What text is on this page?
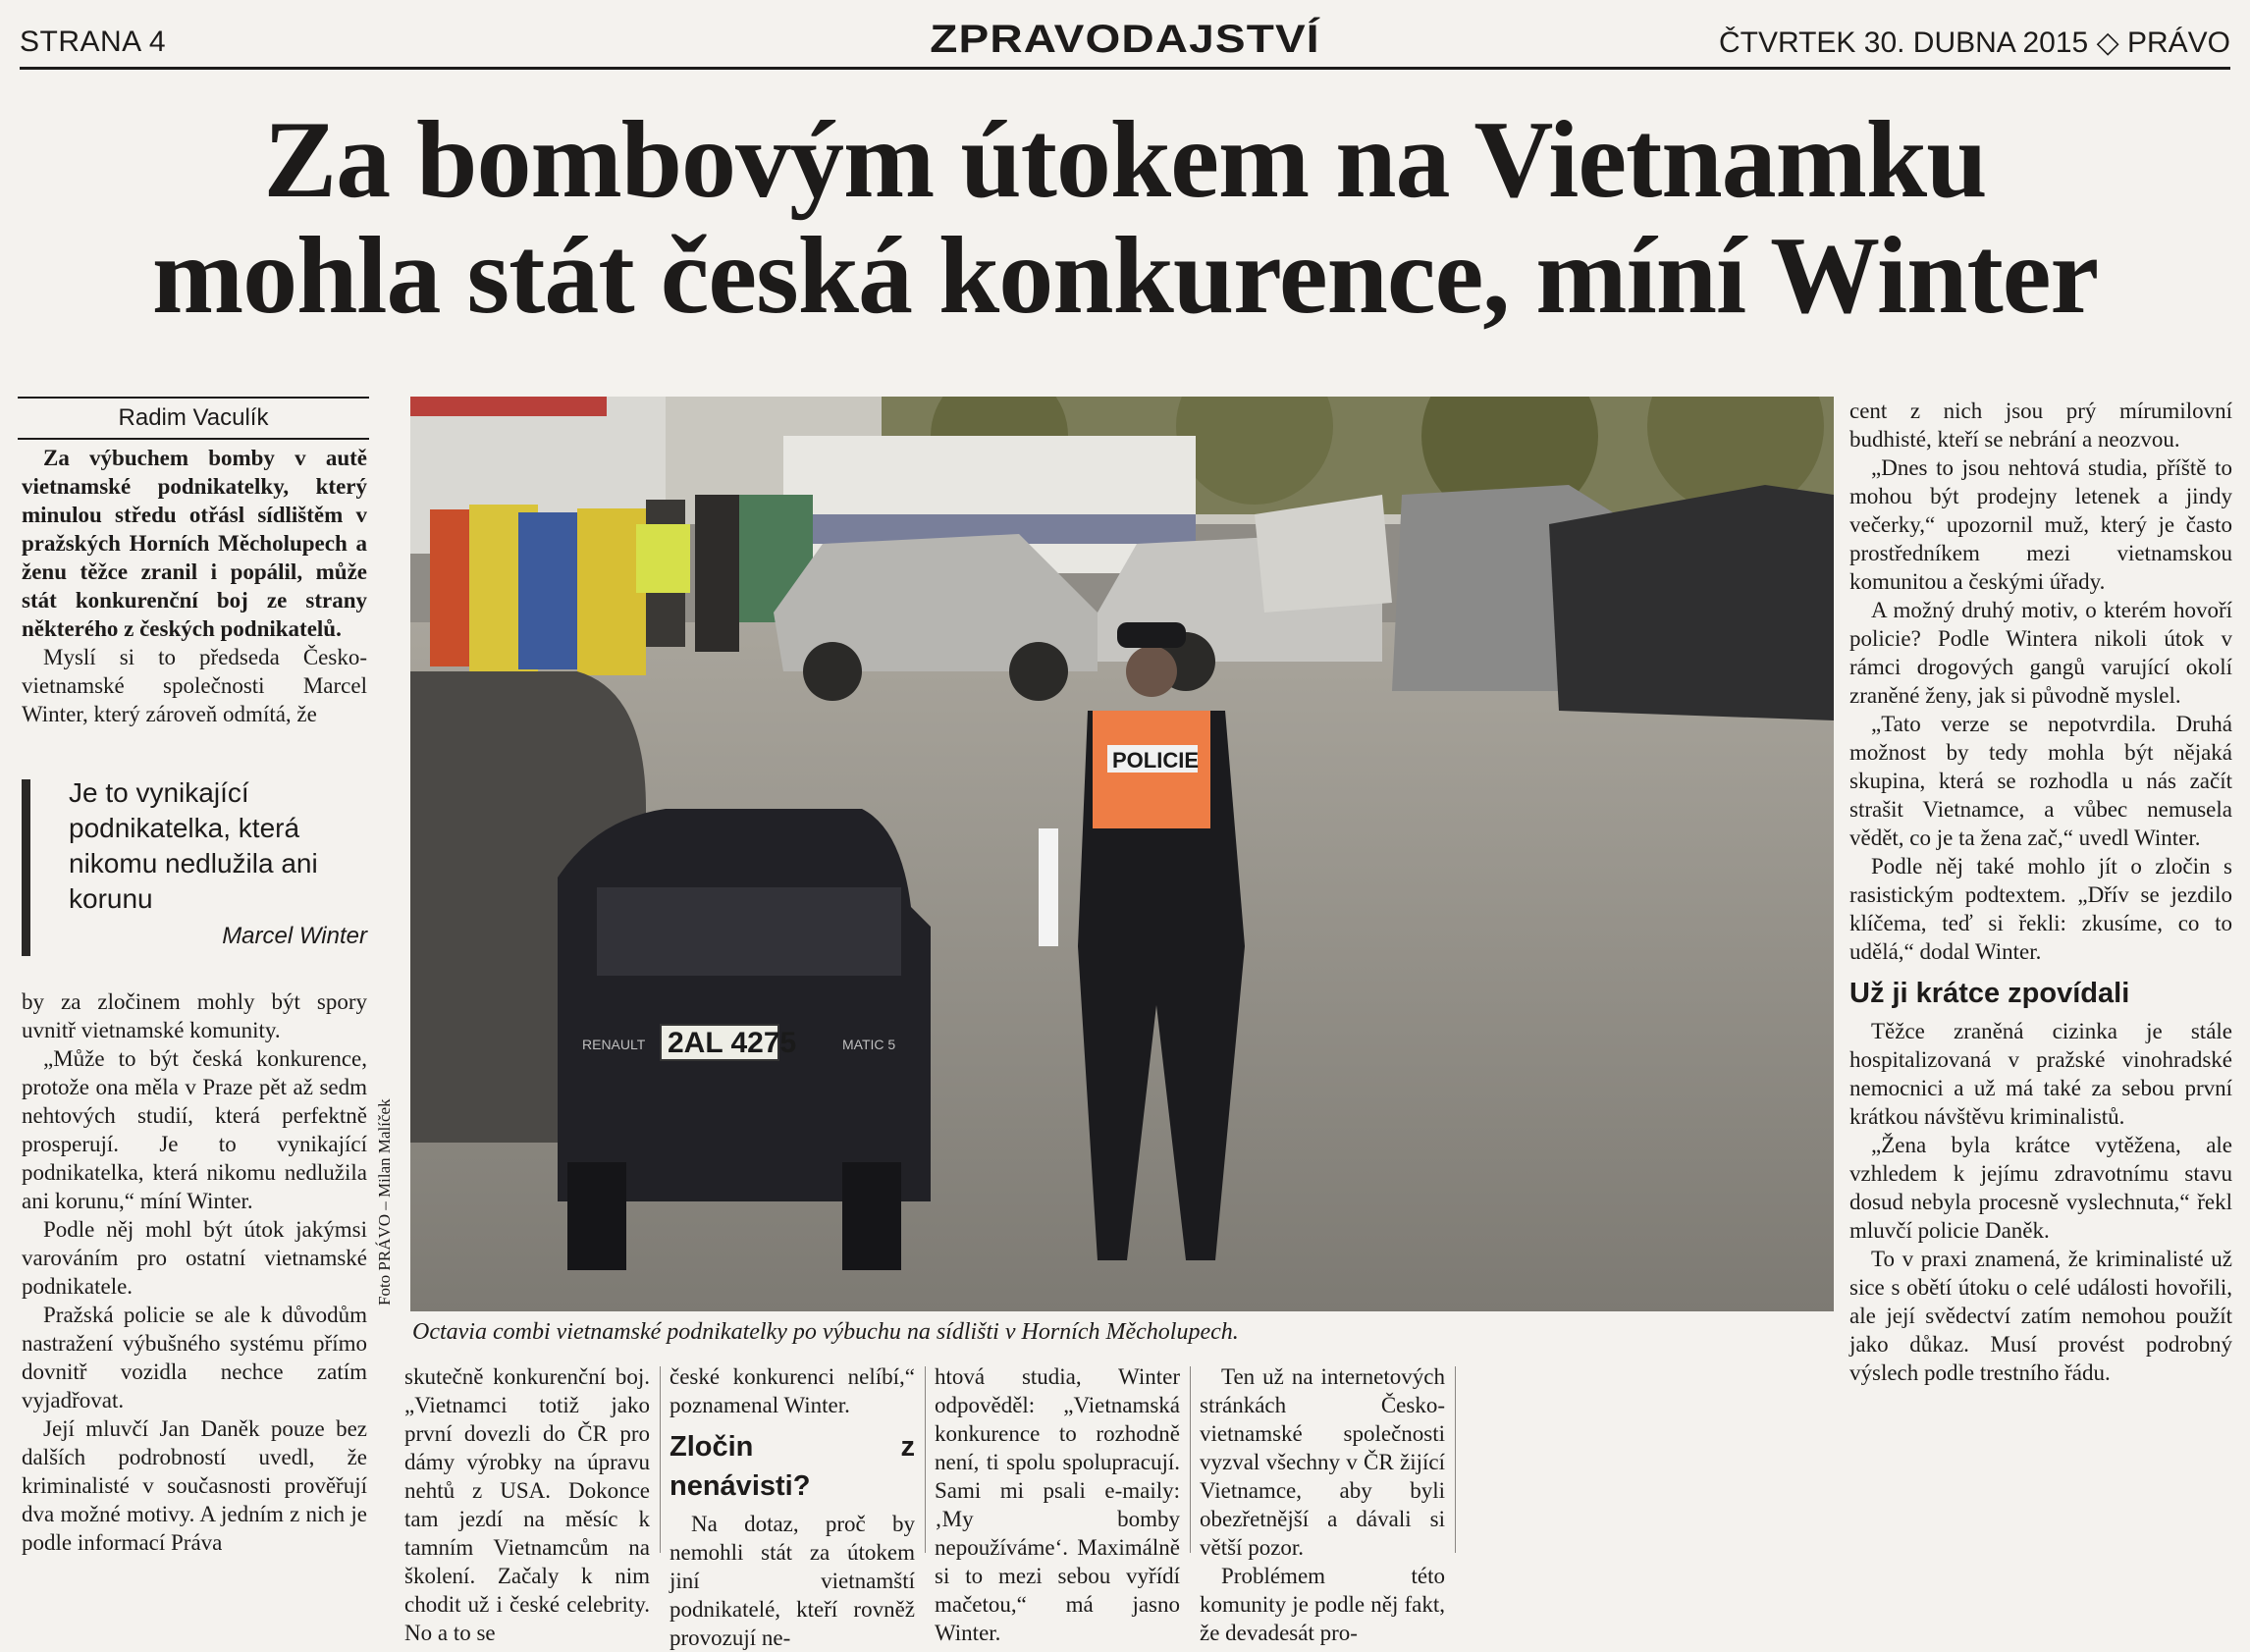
STRANA 4	ZPRAVODAJSTVÍ	ČTVRTEK 30. DUBNA 2015 ◇ PRÁVO
Za bombovým útokem na Vietnamku
mohla stát česká konkurence, míní Winter
Radim Vaculík

Za výbuchem bomby v autě vietnamské podnikatelky, který minulou středu otřásl sídlištěm v pražských Horních Měcholupech a ženu těžce zranil i popálil, může stát konkurenční boj ze strany některého z českých podnikatelů.

Myslí si to předseda Česko-vietnamské společnosti Marcel Winter, který zároveň odmítá, že

Je to vynikající podnikatelka, která nikomu nedlužila ani korunu
Marcel Winter

by za zločinem mohly být spory uvnitř vietnamské komunity.

„Může to být česká konkurence, protože ona měla v Praze pět až sedm nehtových studií, která perfektně prosperují. Je to vynikající podnikatelka, která nikomu nedlužila ani korunu,“ míní Winter.

Podle něj mohl být útok jakýmsi varováním pro ostatní vietnamské podnikatele.

Pražská policie se ale k důvodům nastražení výbušného systému přímo dovnitř vozidla nechce zatím vyjadřovat.

Její mluvčí Jan Daněk pouze bez dalších podrobností uvedl, že kriminalisté v současnosti prověřují dva možné motivy. A jedním z nich je podle informací Práva

Foto PRÁVO – Milan Malíček
2AL 4275
RENAULT	MATIC 5
POLICIE
Octavia combi vietnamské podnikatelky po výbuchu na sídlišti v Horních Měcholupech.

skutečně konkurenční boj. „Vietnamci totiž jako první dovezli do ČR pro dámy výrobky na úpravu nehtů z USA. Dokonce tam jezdí na měsíc k tamním Vietnamcům na školení. Začaly k nim chodit už i české celebrity. No a to se

české konkurenci nelíbí,“ poznamenal Winter.

Zločin z nenávisti?

Na dotaz, proč by nemohli stát za útokem jiní vietnamští podnikatelé, kteří rovněž provozují ne-

htová studia, Winter odpověděl: „Vietnamská konkurence to rozhodně není, ti spolu spolupracují. Sami mi psali e-maily: ‚My bomby nepoužíváme‘. Maximálně si to mezi sebou vyřídí mačetou,“ má jasno Winter.

Ten už na internetových stránkách Česko-vietnamské společnosti vyzval všechny v ČR žijící Vietnamce, aby byli obezřetnější a dávali si větší pozor.

Problémem této komunity je podle něj fakt, že devadesát pro-

cent z nich jsou prý mírumilovní budhisté, kteří se nebrání a neozvou.

„Dnes to jsou nehtová studia, příště to mohou být prodejny letenek a jindy večerky,“ upozornil muž, který je často prostředníkem mezi vietnamskou komunitou a českými úřady.

A možný druhý motiv, o kterém hovoří policie? Podle Wintera nikoli útok v rámci drogových gangů varující okolí zraněné ženy, jak si původně myslel.

„Tato verze se nepotvrdila. Druhá možnost by tedy mohla být nějaká skupina, která se rozhodla u nás začít strašit Vietnamce, a vůbec nemusela vědět, co je ta žena zač,“ uvedl Winter.

Podle něj také mohlo jít o zločin s rasistickým podtextem. „Dřív se jezdilo klíčema, teď si řekli: zkusíme, co to udělá,“ dodal Winter.

Už ji krátce zpovídali

Těžce zraněná cizinka je stále hospitalizovaná v pražské vinohradské nemocnici a už má také za sebou první krátkou návštěvu kriminalistů.

„Žena byla krátce vytěžena, ale vzhledem k jejímu zdravotnímu stavu dosud nebyla procesně vyslechnuta,“ řekl mluvčí policie Daněk.

To v praxi znamená, že kriminalisté už sice s obětí útoku o celé události hovořili, ale její svědectví zatím nemohou použít jako důkaz. Musí provést podrobný výslech podle trestního řádu.
